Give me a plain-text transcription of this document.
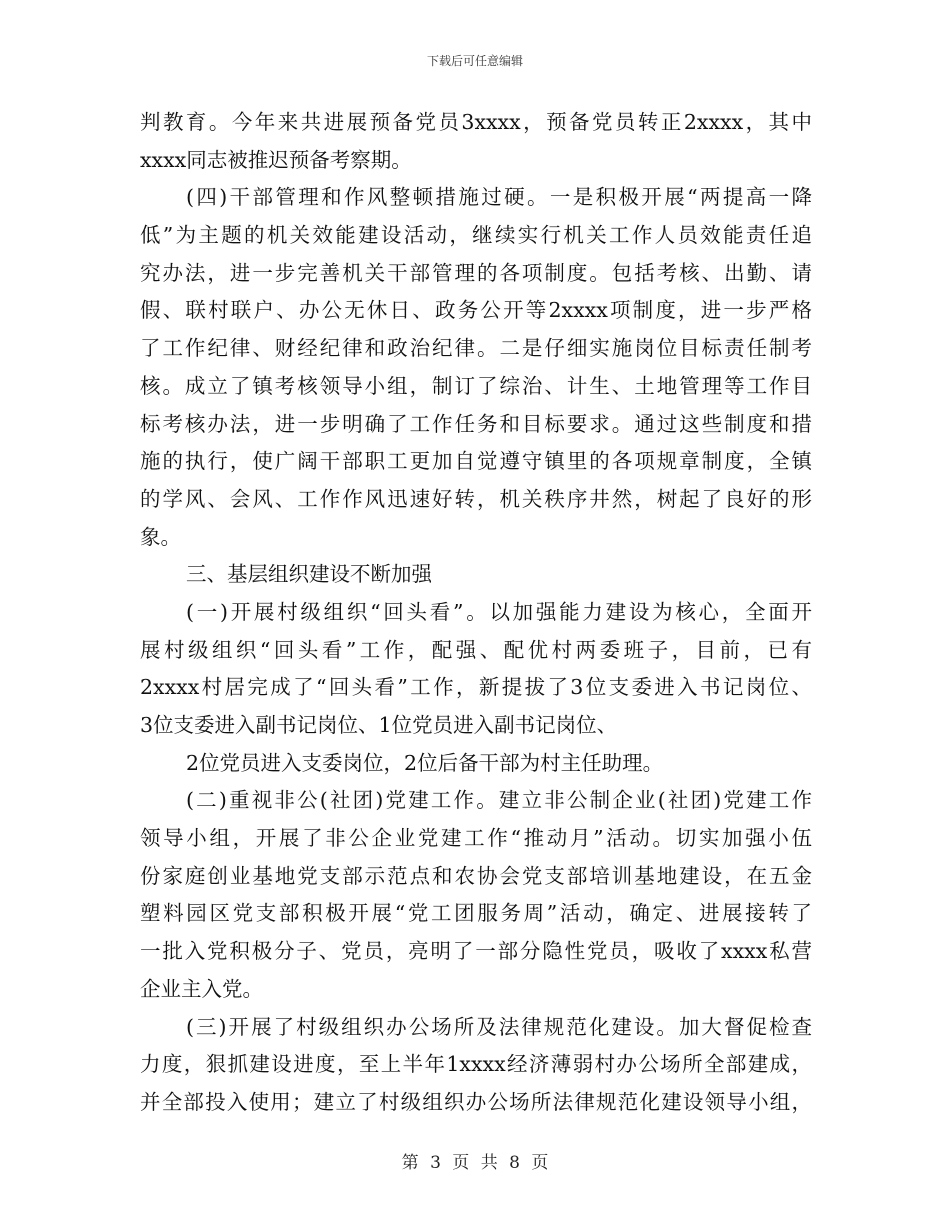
下载后可任意编辑
判教育。今年来共进展预备党员3xxxx，预备党员转正2xxxx，其中
xxxx同志被推迟预备考察期。
(四)干部管理和作风整顿措施过硬。一是积极开展“两提高一降
低”为主题的机关效能建设活动，继续实行机关工作人员效能责任追
究办法，进一步完善机关干部管理的各项制度。包括考核、出勤、请
假、联村联户、办公无休日、政务公开等2xxxx项制度，进一步严格
了工作纪律、财经纪律和政治纪律。二是仔细实施岗位目标责任制考
核。成立了镇考核领导小组，制订了综治、计生、土地管理等工作目
标考核办法，进一步明确了工作任务和目标要求。通过这些制度和措
施的执行，使广阔干部职工更加自觉遵守镇里的各项规章制度，全镇
的学风、会风、工作作风迅速好转，机关秩序井然，树起了良好的形
象。
三、基层组织建设不断加强
(一)开展村级组织“回头看”。以加强能力建设为核心，全面开
展村级组织“回头看”工作，配强、配优村两委班子，目前，已有
2xxxx村居完成了“回头看”工作，新提拔了3位支委进入书记岗位、
3位支委进入副书记岗位、1位党员进入副书记岗位、
2位党员进入支委岗位，2位后备干部为村主任助理。
(二)重视非公(社团)党建工作。建立非公制企业(社团)党建工作
领导小组，开展了非公企业党建工作“推动月”活动。切实加强小伍
份家庭创业基地党支部示范点和农协会党支部培训基地建设，在五金
塑料园区党支部积极开展“党工团服务周”活动，确定、进展接转了
一批入党积极分子、党员，亮明了一部分隐性党员，吸收了xxxx私营
企业主入党。
(三)开展了村级组织办公场所及法律规范化建设。加大督促检查
力度，狠抓建设进度，至上半年1xxxx经济薄弱村办公场所全部建成，
并全部投入使用；建立了村级组织办公场所法律规范化建设领导小组，
第 3 页 共 8 页
